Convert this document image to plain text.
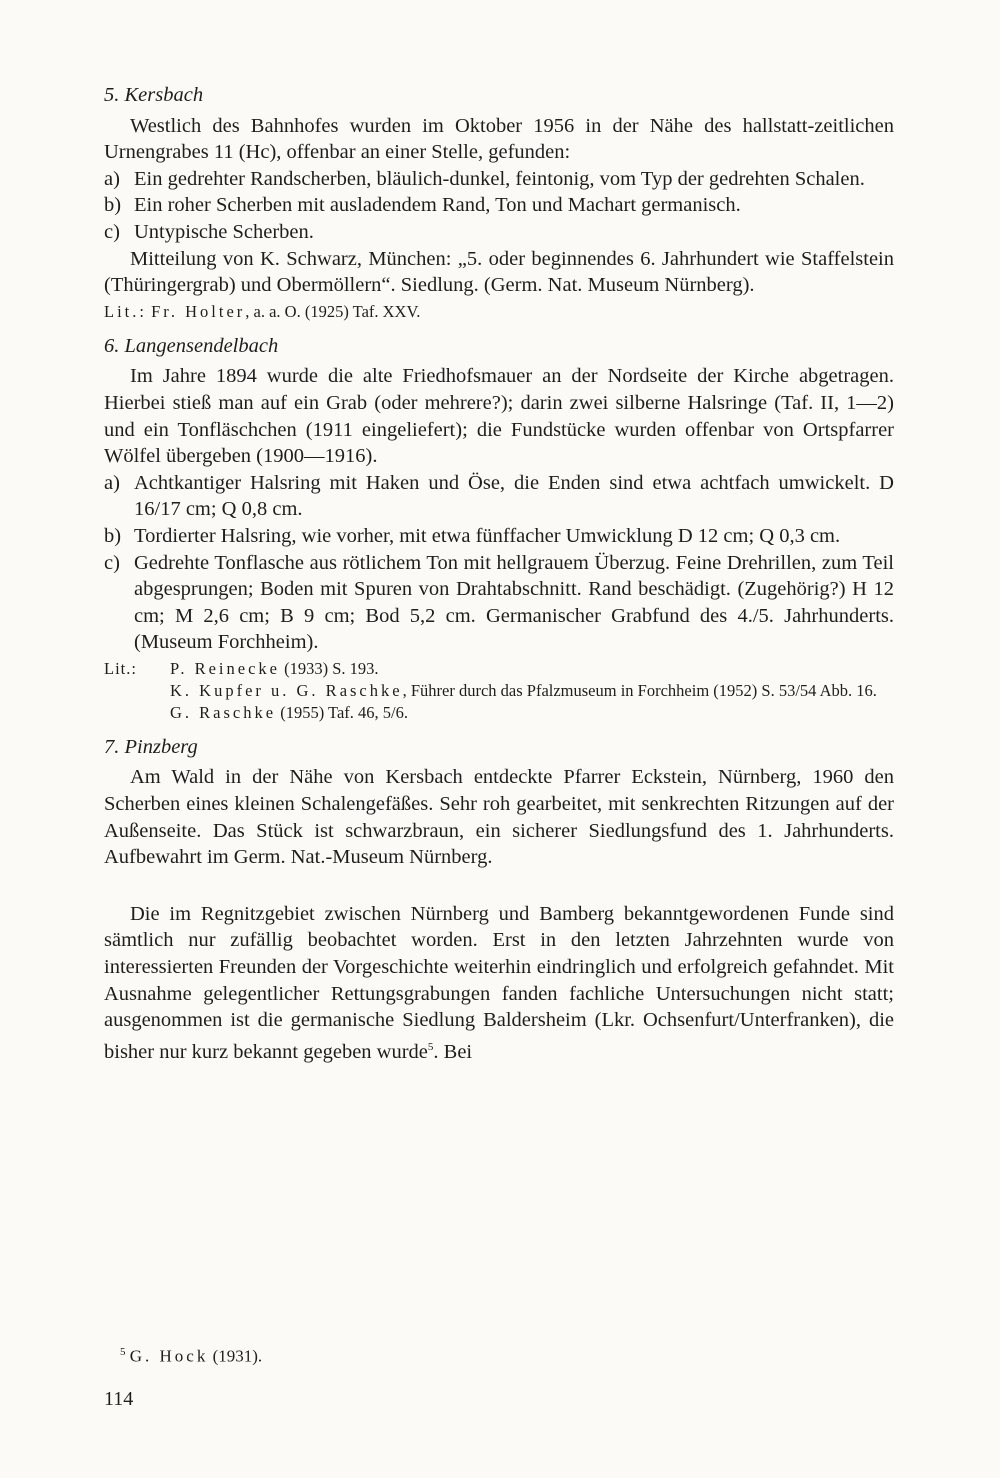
5. Kersbach

Westlich des Bahnhofes wurden im Oktober 1956 in der Nähe des hallstatt-zeitlichen Urnengrabes 11 (Hc), offenbar an einer Stelle, gefunden:

a) Ein gedrehter Randscherben, bläulich-dunkel, feintonig, vom Typ der gedrehten Schalen.
b) Ein roher Scherben mit ausladendem Rand, Ton und Machart germanisch.
c) Untypische Scherben.

Mitteilung von K. Schwarz, München: „5. oder beginnendes 6. Jahrhundert wie Staffelstein (Thüringergrab) und Obermöllern“. Siedlung. (Germ. Nat. Museum Nürnberg).

Lit.: Fr. Holter, a. a. O. (1925) Taf. XXV.
6. Langensendelbach

Im Jahre 1894 wurde die alte Friedhofsmauer an der Nordseite der Kirche abgetragen. Hierbei stieß man auf ein Grab (oder mehrere?); darin zwei silberne Halsringe (Taf. II, 1—2) und ein Tonfläschchen (1911 eingeliefert); die Fundstücke wurden offenbar von Ortspfarrer Wölfel übergeben (1900—1916).

a) Achtkantiger Halsring mit Haken und Öse, die Enden sind etwa achtfach umwickelt. D 16/17 cm; Q 0,8 cm.
b) Tordierter Halsring, wie vorher, mit etwa fünffacher Umwicklung D 12 cm; Q 0,3 cm.
c) Gedrehte Tonflasche aus rötlichem Ton mit hellgrauem Überzug. Feine Drehrillen, zum Teil abgesprungen; Boden mit Spuren von Drahtabschnitt. Rand beschädigt. (Zugehörig?) H 12 cm; M 2,6 cm; B 9 cm; Bod 5,2 cm. Germanischer Grabfund des 4./5. Jahrhunderts. (Museum Forchheim).
Lit.:	P. Reinecke (1933) S. 193.
K. Kupfer u. G. Raschke, Führer durch das Pfalzmuseum in Forchheim (1952) S. 53/54 Abb. 16.
G. Raschke (1955) Taf. 46, 5/6.
7. Pinzberg

Am Wald in der Nähe von Kersbach entdeckte Pfarrer Eckstein, Nürnberg, 1960 den Scherben eines kleinen Schalengefäßes. Sehr roh gearbeitet, mit senkrechten Ritzungen auf der Außenseite. Das Stück ist schwarzbraun, ein sicherer Siedlungsfund des 1. Jahrhunderts. Aufbewahrt im Germ. Nat.-Museum Nürnberg.

Die im Regnitzgebiet zwischen Nürnberg und Bamberg bekanntgewordenen Funde sind sämtlich nur zufällig beobachtet worden. Erst in den letzten Jahrzehnten wurde von interessierten Freunden der Vorgeschichte weiterhin eindringlich und erfolgreich gefahndet. Mit Ausnahme gelegentlicher Rettungsgrabungen fanden fachliche Untersuchungen nicht statt; ausgenommen ist die germanische Siedlung Baldersheim (Lkr. Ochsenfurt/Unterfranken), die bisher nur kurz bekannt gegeben wurde$^5$. Bei

$^5$ G. Hock (1931).
114
